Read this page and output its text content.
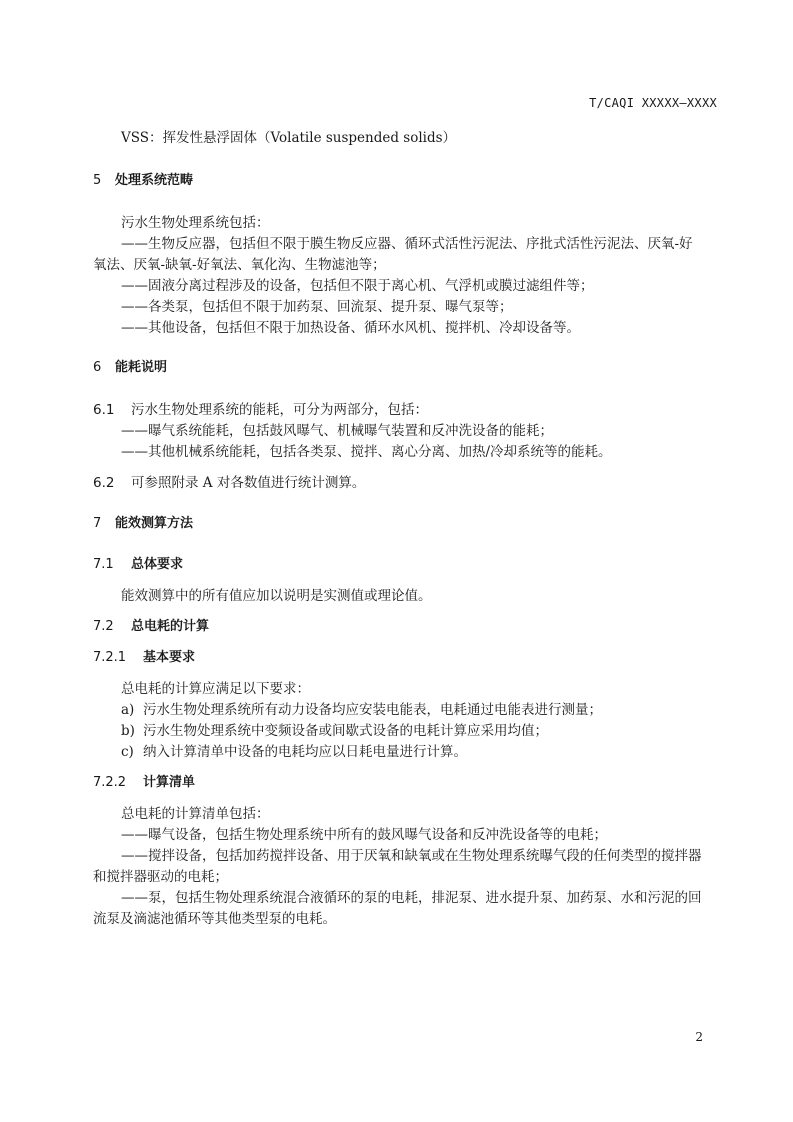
T/CAQI XXXXX—XXXX
VSS：挥发性悬浮固体（Volatile suspended solids）
5 处理系统范畴
污水生物处理系统包括：
——生物反应器，包括但不限于膜生物反应器、循环式活性污泥法、序批式活性污泥法、厌氧-好
氧法、厌氧-缺氧-好氧法、氧化沟、生物滤池等；
——固液分离过程涉及的设备，包括但不限于离心机、气浮机或膜过滤组件等；
——各类泵，包括但不限于加药泵、回流泵、提升泵、曝气泵等；
——其他设备，包括但不限于加热设备、循环水风机、搅拌机、冷却设备等。
6 能耗说明
6.1 污水生物处理系统的能耗，可分为两部分，包括：
——曝气系统能耗，包括鼓风曝气、机械曝气装置和反冲洗设备的能耗；
——其他机械系统能耗，包括各类泵、搅拌、离心分离、加热/冷却系统等的能耗。
6.2 可参照附录 A 对各数值进行统计测算。
7 能效测算方法
7.1 总体要求
能效测算中的所有值应加以说明是实测值或理论值。
7.2 总电耗的计算
7.2.1 基本要求
总电耗的计算应满足以下要求：
a) 污水生物处理系统所有动力设备均应安装电能表，电耗通过电能表进行测量；
b) 污水生物处理系统中变频设备或间歇式设备的电耗计算应采用均值；
c) 纳入计算清单中设备的电耗均应以日耗电量进行计算。
7.2.2 计算清单
总电耗的计算清单包括：
——曝气设备，包括生物处理系统中所有的鼓风曝气设备和反冲洗设备等的电耗；
——搅拌设备，包括加药搅拌设备、用于厌氧和缺氧或在生物处理系统曝气段的任何类型的搅拌器
和搅拌器驱动的电耗；
——泵，包括生物处理系统混合液循环的泵的电耗，排泥泵、进水提升泵、加药泵、水和污泥的回
流泵及滴滤池循环等其他类型泵的电耗。
2
